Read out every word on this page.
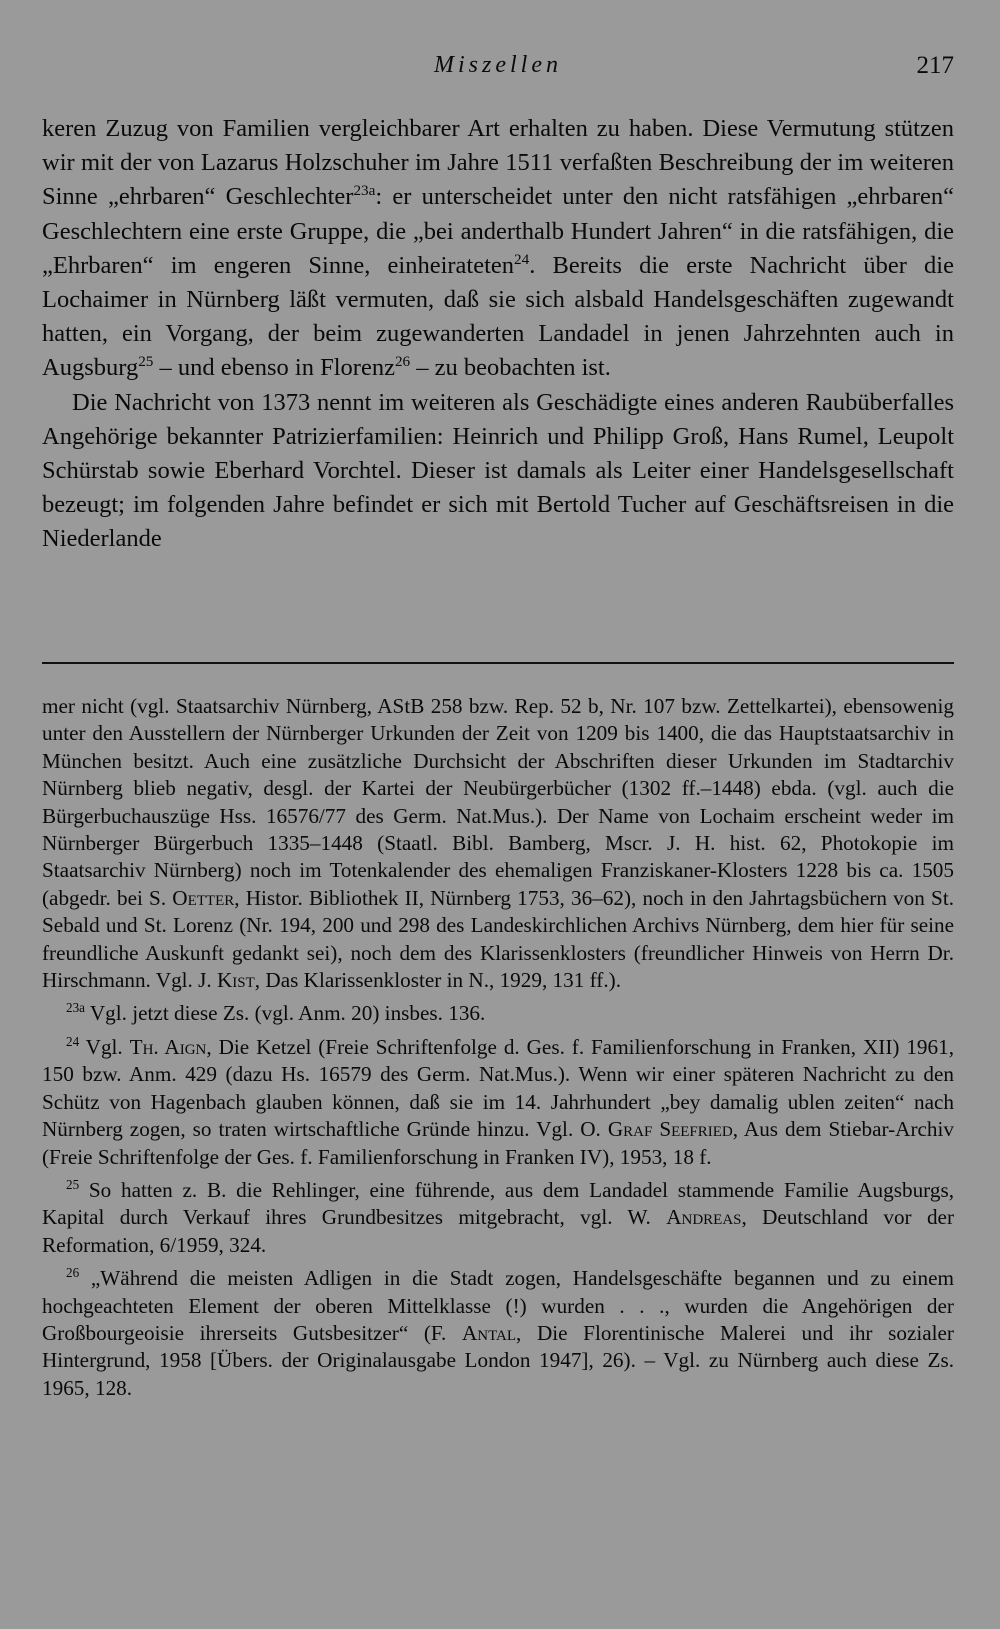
Miszellen	217

keren Zuzug von Familien vergleichbarer Art erhalten zu haben. Diese Vermutung stützen wir mit der von Lazarus Holzschuher im Jahre 1511 verfaßten Beschreibung der im weiteren Sinne „ehrbaren“ Geschlechter$^{23a}$: er unterscheidet unter den nicht ratsfähigen „ehrbaren“ Geschlechtern eine erste Gruppe, die „bei anderthalb Hundert Jahren“ in die ratsfähigen, die „Ehrbaren“ im engeren Sinne, einheirateten$^{24}$. Bereits die erste Nachricht über die Lochaimer in Nürnberg läßt vermuten, daß sie sich alsbald Handelsgeschäften zugewandt hatten, ein Vorgang, der beim zugewanderten Landadel in jenen Jahrzehnten auch in Augsburg$^{25}$ – und ebenso in Florenz$^{26}$ – zu beobachten ist.

Die Nachricht von 1373 nennt im weiteren als Geschädigte eines anderen Raubüberfalles Angehörige bekannter Patrizierfamilien: Heinrich und Philipp Groß, Hans Rumel, Leupolt Schürstab sowie Eberhard Vorchtel. Dieser ist damals als Leiter einer Handelsgesellschaft bezeugt; im folgenden Jahre befindet er sich mit Bertold Tucher auf Geschäftsreisen in die Niederlande

mer nicht (vgl. Staatsarchiv Nürnberg, AStB 258 bzw. Rep. 52 b, Nr. 107 bzw. Zettelkartei), ebensowenig unter den Ausstellern der Nürnberger Urkunden der Zeit von 1209 bis 1400, die das Hauptstaatsarchiv in München besitzt. Auch eine zusätzliche Durchsicht der Abschriften dieser Urkunden im Stadtarchiv Nürnberg blieb negativ, desgl. der Kartei der Neubürgerbücher (1302 ff.–1448) ebda. (vgl. auch die Bürgerbuchauszüge Hss. 16576/77 des Germ. Nat.Mus.). Der Name von Lochaim erscheint weder im Nürnberger Bürgerbuch 1335–1448 (Staatl. Bibl. Bamberg, Mscr. J. H. hist. 62, Photokopie im Staatsarchiv Nürnberg) noch im Totenkalender des ehemaligen Franziskaner-Klosters 1228 bis ca. 1505 (abgedr. bei S. Oetter, Histor. Bibliothek II, Nürnberg 1753, 36–62), noch in den Jahrtagsbüchern von St. Sebald und St. Lorenz (Nr. 194, 200 und 298 des Landeskirchlichen Archivs Nürnberg, dem hier für seine freundliche Auskunft gedankt sei), noch dem des Klarissenklosters (freundlicher Hinweis von Herrn Dr. Hirschmann. Vgl. J. Kist, Das Klarissenkloster in N., 1929, 131 ff.).

$^{23a}$ Vgl. jetzt diese Zs. (vgl. Anm. 20) insbes. 136.

$^{24}$ Vgl. Th. Aign, Die Ketzel (Freie Schriftenfolge d. Ges. f. Familienforschung in Franken, XII) 1961, 150 bzw. Anm. 429 (dazu Hs. 16579 des Germ. Nat.Mus.). Wenn wir einer späteren Nachricht zu den Schütz von Hagenbach glauben können, daß sie im 14. Jahrhundert „bey damalig ublen zeiten“ nach Nürnberg zogen, so traten wirtschaftliche Gründe hinzu. Vgl. O. Graf Seefried, Aus dem Stiebar-Archiv (Freie Schriftenfolge der Ges. f. Familienforschung in Franken IV), 1953, 18 f.

$^{25}$ So hatten z. B. die Rehlinger, eine führende, aus dem Landadel stammende Familie Augsburgs, Kapital durch Verkauf ihres Grundbesitzes mitgebracht, vgl. W. Andreas, Deutschland vor der Reformation, 6/1959, 324.

$^{26}$ „Während die meisten Adligen in die Stadt zogen, Handelsgeschäfte begannen und zu einem hochgeachteten Element der oberen Mittelklasse (!) wurden . . ., wurden die Angehörigen der Großbourgeoisie ihrerseits Gutsbesitzer“ (F. Antal, Die Florentinische Malerei und ihr sozialer Hintergrund, 1958 [Übers. der Originalausgabe London 1947], 26). – Vgl. zu Nürnberg auch diese Zs. 1965, 128.
